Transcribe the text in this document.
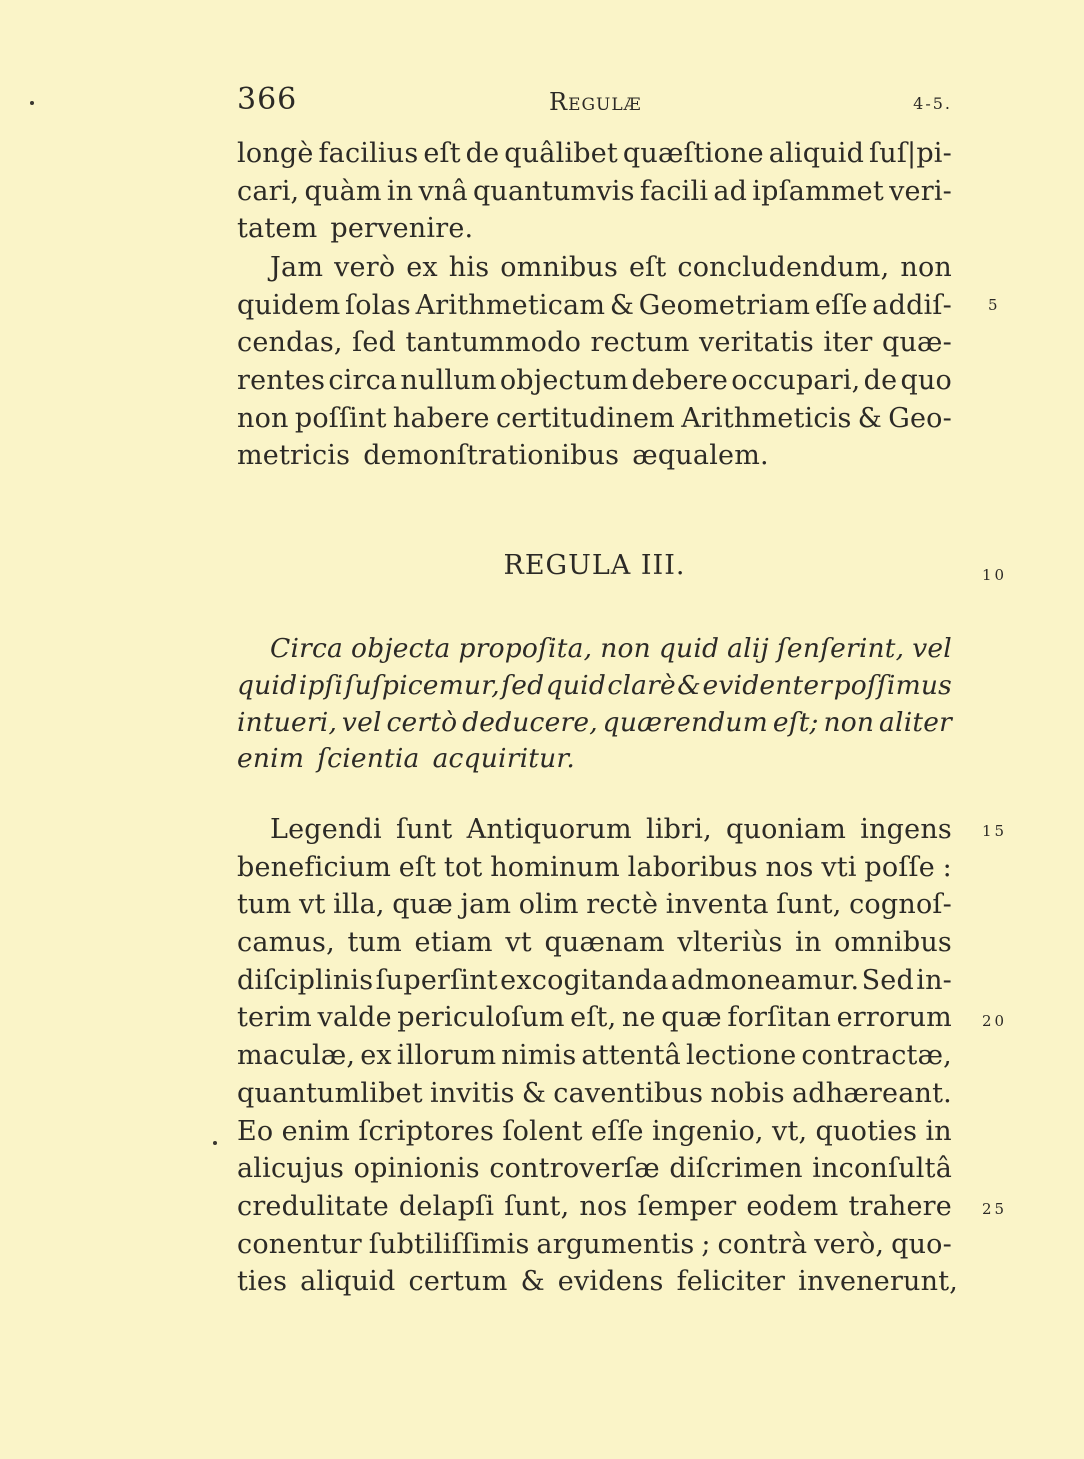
366	Regulæ	4-5.
longè facilius eſt de quâlibet quæſtione aliquid ſuſ|pi-
cari, quàm in vnâ quantumvis facili ad ipſammet veri-
tatem pervenire.
Jam verò ex his omnibus eſt concludendum, non
quidem ſolas Arithmeticam & Geometriam eſſe addiſ-
cendas, ſed tantummodo rectum veritatis iter quæ-
rentes circa nullum objectum debere occupari, de quo
non poſſint habere certitudinem Arithmeticis & Geo-
metricis demonſtrationibus æqualem.
REGULA III.
Circa objecta propoſita, non quid alij ſenſerint, vel
quid ipſi ſuſpicemur, ſed quid clarè & evidenter poſſimus
intueri, vel certò deducere, quærendum eſt; non aliter
enim ſcientia acquiritur.
Legendi ſunt Antiquorum libri, quoniam ingens
beneficium eſt tot hominum laboribus nos vti poſſe :
tum vt illa, quæ jam olim rectè inventa ſunt, cognoſ-
camus, tum etiam vt quænam vlteriùs in omnibus
diſciplinis ſuperſint excogitanda admoneamur. Sed in-
terim valde periculoſum eſt, ne quæ forſitan errorum
maculæ, ex illorum nimis attentâ lectione contractæ,
quantumlibet invitis & caventibus nobis adhæreant.
Eo enim ſcriptores ſolent eſſe ingenio, vt, quoties in
alicujus opinionis controverſæ diſcrimen inconſultâ
credulitate delapſi ſunt, nos ſemper eodem trahere
conentur ſubtiliſſimis argumentis ; contrà verò, quo-
ties aliquid certum & evidens feliciter invenerunt,
5
10
15
20
25
